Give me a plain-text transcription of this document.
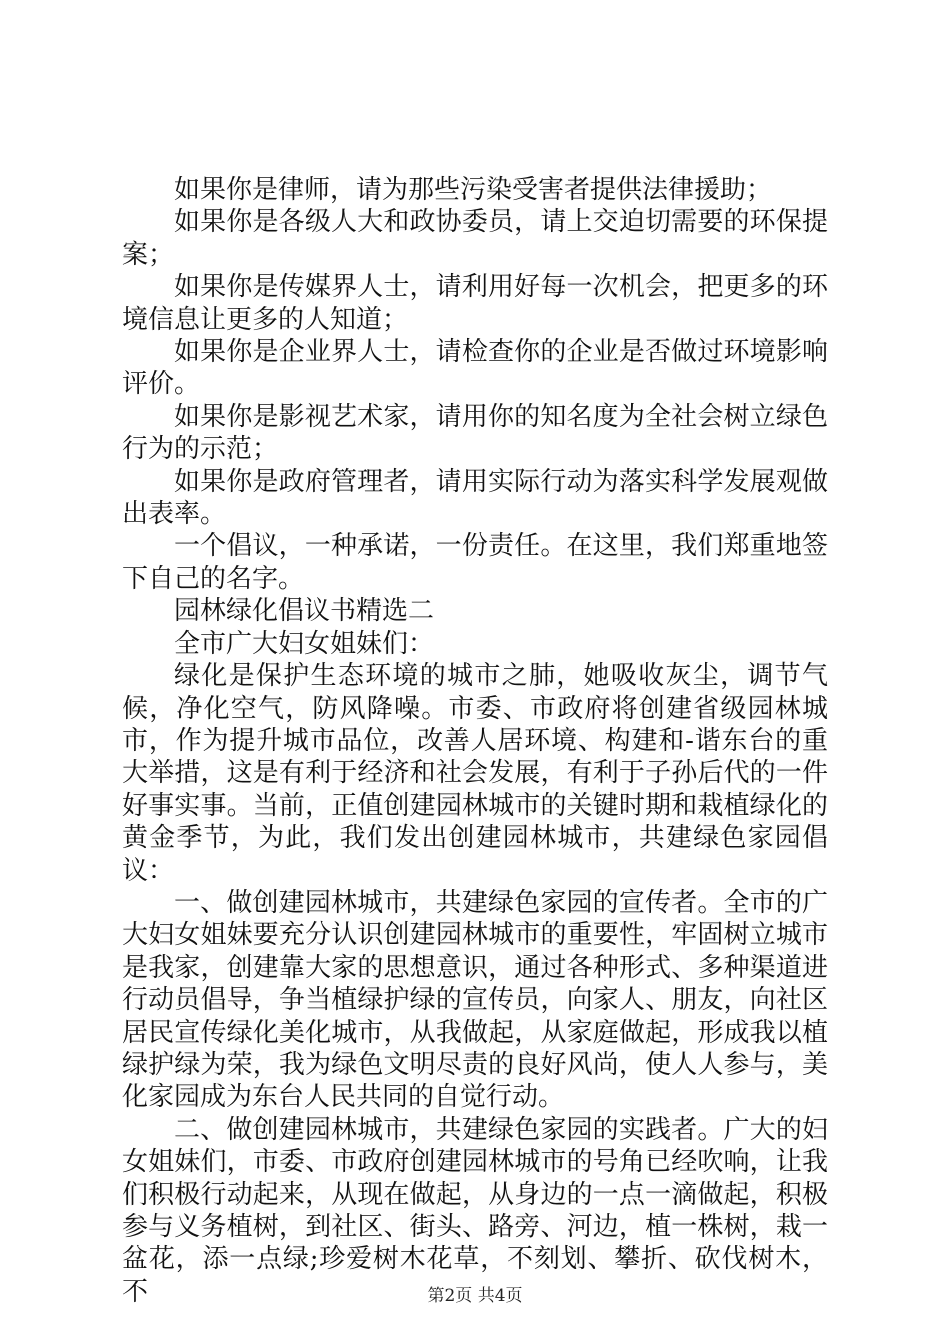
如果你是律师，请为那些污染受害者提供法律援助；

如果你是各级人大和政协委员，请上交迫切需要的环保提案；

如果你是传媒界人士，请利用好每一次机会，把更多的环境信息让更多的人知道；

如果你是企业界人士，请检查你的企业是否做过环境影响评价。

如果你是影视艺术家，请用你的知名度为全社会树立绿色行为的示范；

如果你是政府管理者，请用实际行动为落实科学发展观做出表率。

一个倡议，一种承诺，一份责任。在这里，我们郑重地签下自己的名字。

园林绿化倡议书精选二

全市广大妇女姐妹们：

绿化是保护生态环境的城市之肺，她吸收灰尘，调节气候，净化空气，防风降噪。市委、市政府将创建省级园林城市，作为提升城市品位，改善人居环境、构建和-谐东台的重大举措，这是有利于经济和社会发展，有利于子孙后代的一件好事实事。当前，正值创建园林城市的关键时期和栽植绿化的黄金季节，为此，我们发出创建园林城市，共建绿色家园倡议：

一、做创建园林城市，共建绿色家园的宣传者。全市的广大妇女姐妹要充分认识创建园林城市的重要性，牢固树立城市是我家，创建靠大家的思想意识，通过各种形式、多种渠道进行动员倡导，争当植绿护绿的宣传员，向家人、朋友，向社区居民宣传绿化美化城市，从我做起，从家庭做起，形成我以植绿护绿为荣，我为绿色文明尽责的良好风尚，使人人参与，美化家园成为东台人民共同的自觉行动。

二、做创建园林城市，共建绿色家园的实践者。广大的妇女姐妹们，市委、市政府创建园林城市的号角已经吹响，让我们积极行动起来，从现在做起，从身边的一点一滴做起，积极参与义务植树，到社区、街头、路旁、河边，植一株树，栽一盆花，添一点绿;珍爱树木花草，不刻划、攀折、砍伐树木，不	第2页 共4页
